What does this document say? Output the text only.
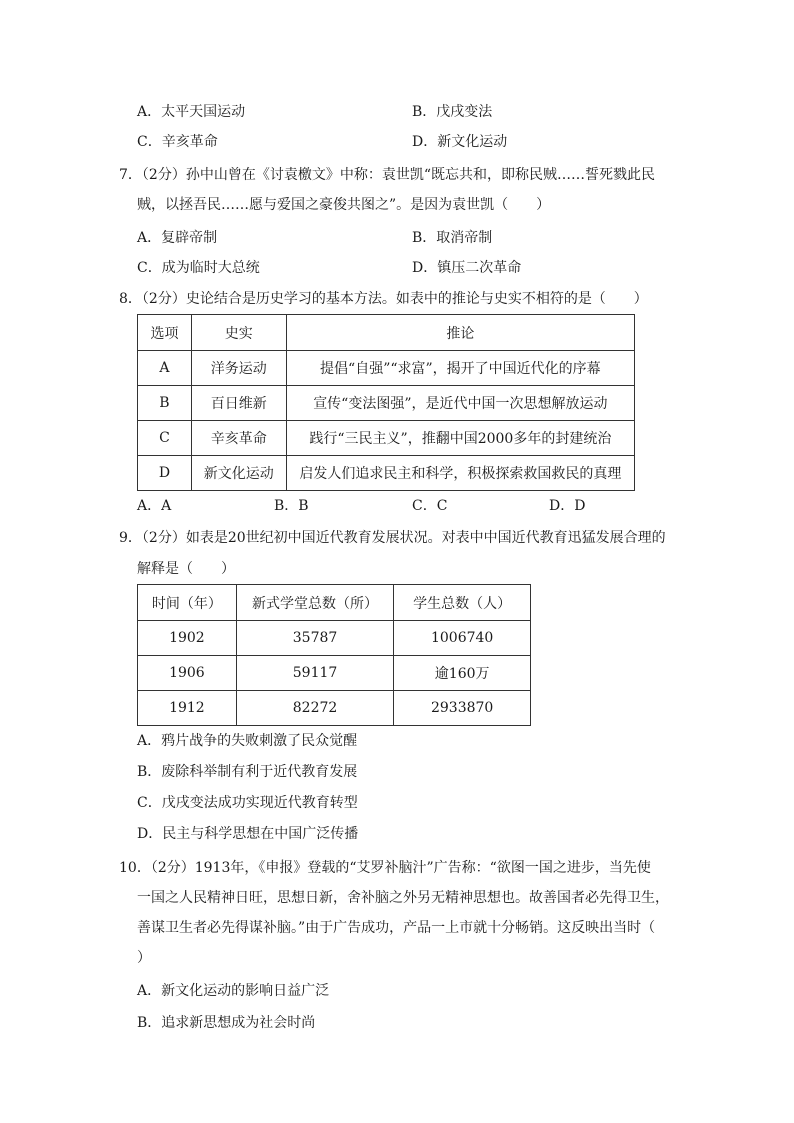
A．太平天国运动	B．戊戌变法
C．辛亥革命	D．新文化运动
7．（2分）孙中山曾在《讨袁檄文》中称：袁世凯“既忘共和，即称民贼……誓死戮此民
贼，以拯吾民……愿与爱国之豪俊共图之”。是因为袁世凯（　　）
A．复辟帝制	B．取消帝制
C．成为临时大总统	D．镇压二次革命
8．（2分）史论结合是历史学习的基本方法。如表中的推论与史实不相符的是（　　）
选项	史实	推论
A	洋务运动	提倡“自强”“求富”，揭开了中国近代化的序幕
B	百日维新	宣传“变法图强”，是近代中国一次思想解放运动
C	辛亥革命	践行“三民主义”，推翻中国2000多年的封建统治
D	新文化运动	启发人们追求民主和科学，积极探索救国救民的真理
A．A	B．B	C．C	D．D
9．（2分）如表是20世纪初中国近代教育发展状况。对表中中国近代教育迅猛发展合理的
解释是（　　）
时间（年）	新式学堂总数（所）	学生总数（人）
1902	35787	1006740
1906	59117	逾160万
1912	82272	2933870
A．鸦片战争的失败刺激了民众觉醒
B．废除科举制有利于近代教育发展
C．戊戌变法成功实现近代教育转型
D．民主与科学思想在中国广泛传播
10．（2分）1913年，《申报》登载的“艾罗补脑汁”广告称：“欲图一国之进步，当先使
一国之人民精神日旺，思想日新，舍补脑之外另无精神思想也。故善国者必先得卫生，
善谋卫生者必先得谋补脑。”由于广告成功，产品一上市就十分畅销。这反映出当时（
）
A．新文化运动的影响日益广泛
B．追求新思想成为社会时尚
